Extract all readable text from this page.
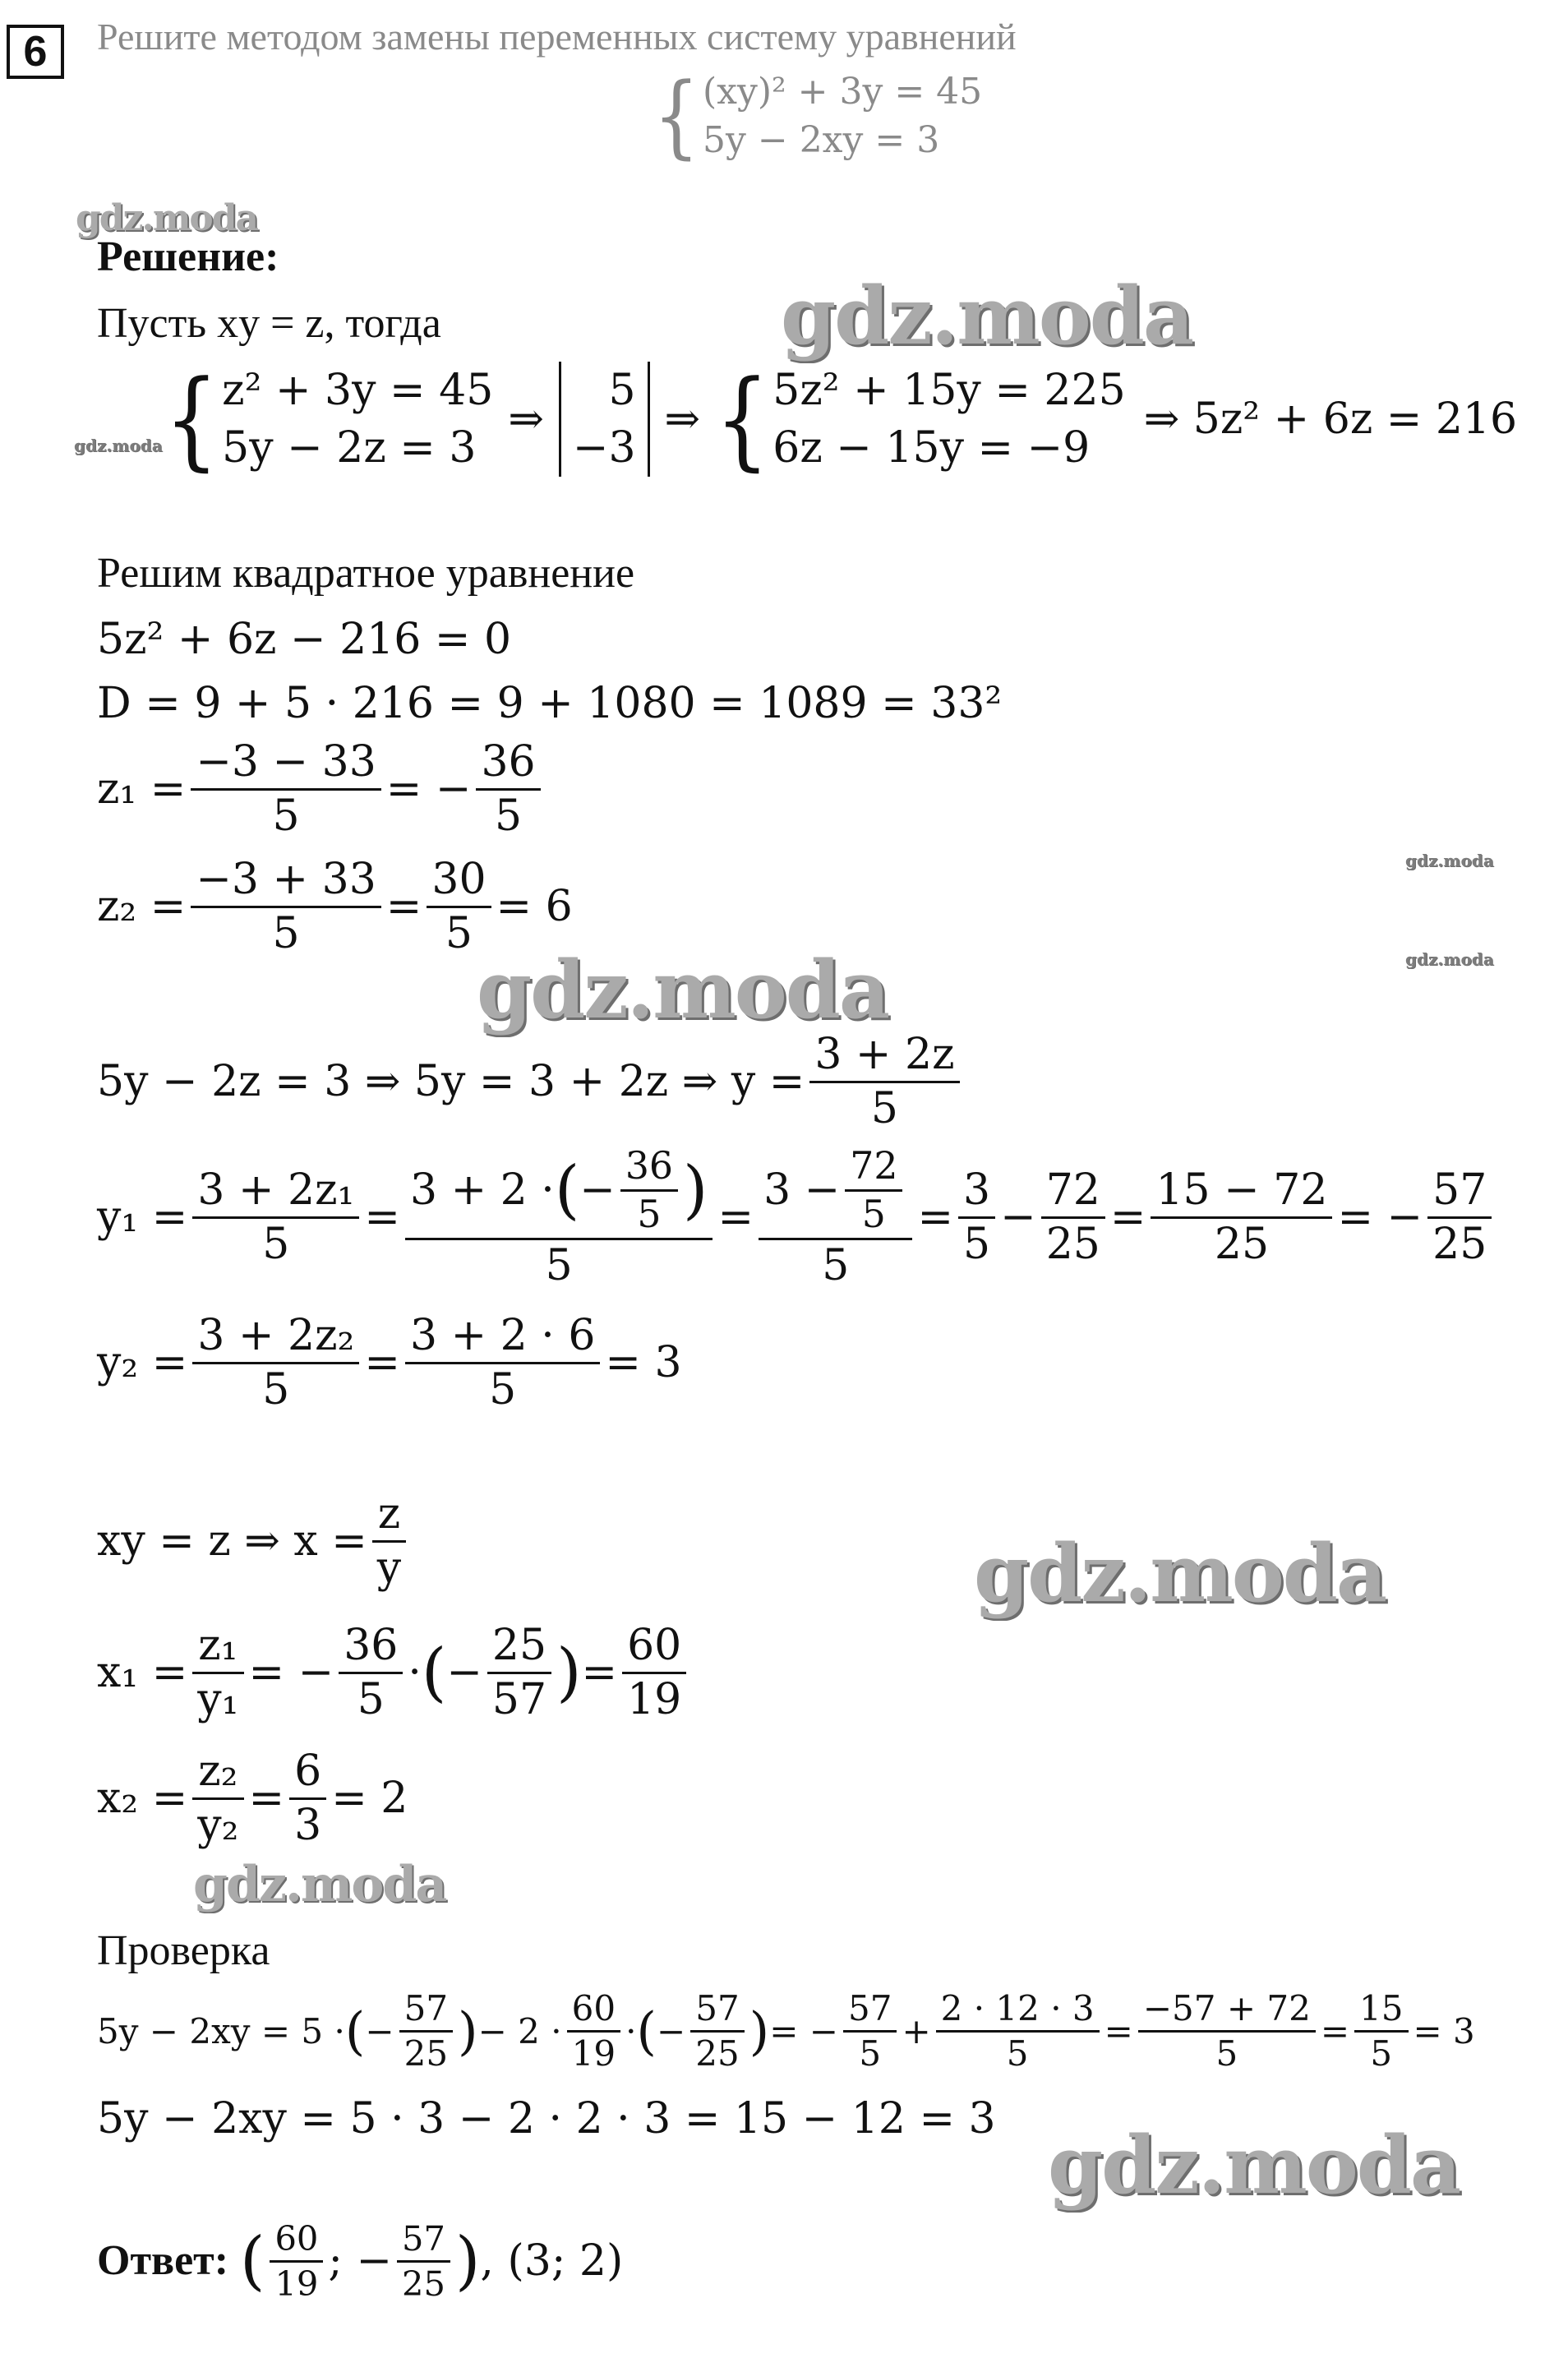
6 Решите методом замены переменных систему уравнений
{ (xy)² + 3y = 45
5y − 2xy = 3
Решение:
Пусть xy = z, тогда
{ z² + 3y = 45
5y − 2z = 3
⇒
5
−3
⇒ { 5z² + 15y = 225
6z − 15y = −9
⇒ 5z² + 6z = 216
Решим квадратное уравнение
5z² + 6z − 216 = 0
D = 9 + 5 · 216 = 9 + 1080 = 1089 = 33²
$z_1 = \frac{-3 - 33}{5}$ = − $\frac{36}{5}$
$z_2 = \frac{-3 + 33}{5} = \frac{30}{5} = 6$
5y − 2z = 3 ⇒ 5y = 3 + 2z ⇒ $y = \frac{3 + 2z}{5}$
$y_1 = \frac{\text{3 + 2z₁}}{5} = \frac{3 + 2 \cdot ( - \frac{36}{5} )}{5} = \frac{3 - \frac{72}{5}}{5} = \frac{3}{5} - \frac{72}{25} = \frac{15 - 72}{25}$ = − $\frac{57}{25}$
$y_2 = \frac{\text{3 + 2z₂}}{5} = \frac{3 + 2 \cdot 6}{5} = 3$
xy = z ⇒ $x = \frac{z}{y}$
$x_1 = \frac{\text{z₁}}{\text{y₁}}$ = − $\frac{36}{5}$ · ( − $\frac{25}{57}$ ) = $\frac{60}{19}$
$x_2 = \frac{\text{z₂}}{\text{y₂}} = \frac{6}{3} = 2$
Проверка
5y − 2xy = 5 · ( − $\frac{57}{25}$ ) − $2 \cdot \frac{60}{19}$ · ( − $\frac{57}{25}$ ) = − $\frac{57}{5} + \frac{2 \cdot 12 \cdot 3}{5} = \frac{-57 + 72}{5} = \frac{15}{5} = 3$
5y − 2xy = 5 · 3 − 2 · 2 · 3 = 15 − 12 = 3
Ответ: ( $\frac{60}{19}$ ; − $\frac{57}{25}$ ) , (3; 2)
gdz.moda
gdz.moda
gdz.moda
gdz.moda
gdz.moda
gdz.moda
gdz.moda
gdz.moda
gdz.moda
